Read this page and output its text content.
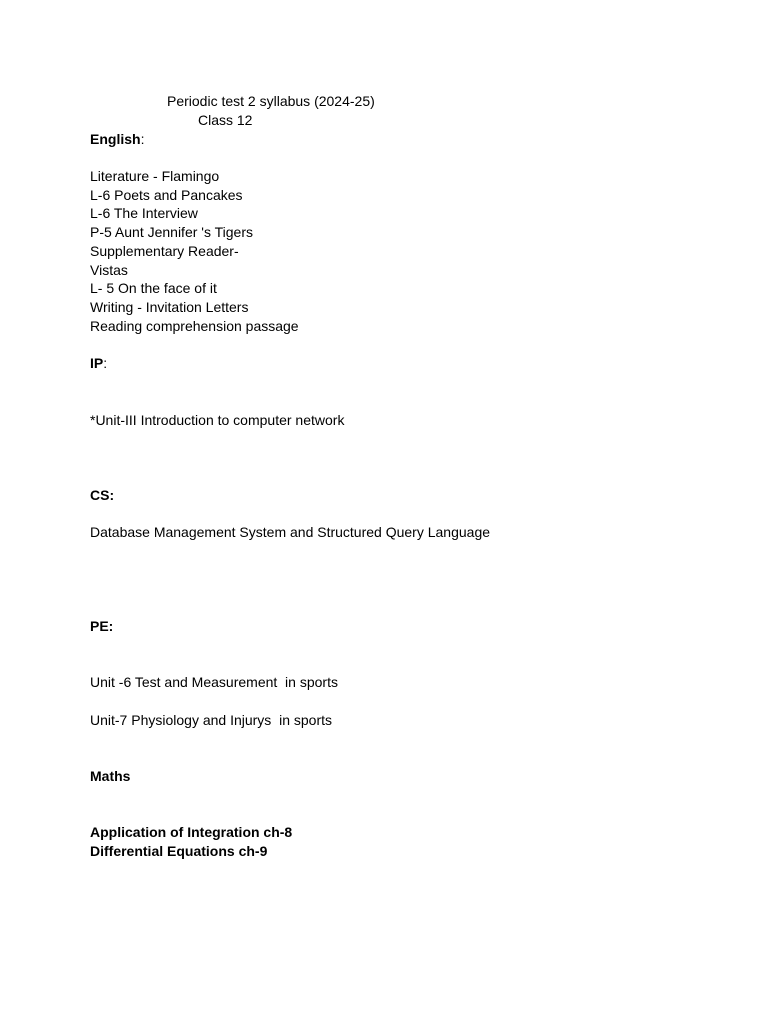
Periodic test 2 syllabus (2024-25)
Class 12
English:
Literature - Flamingo
L-6 Poets and Pancakes
L-6 The Interview
P-5 Aunt Jennifer 's Tigers
Supplementary Reader-
Vistas
L- 5 On the face of it
Writing - Invitation Letters
Reading comprehension passage
IP:
*Unit-III Introduction to computer network
CS:
Database Management System and Structured Query Language
PE:
Unit -6 Test and Measurement  in sports
Unit-7 Physiology and Injurys  in sports
Maths
Application of Integration ch-8
Differential Equations ch-9
